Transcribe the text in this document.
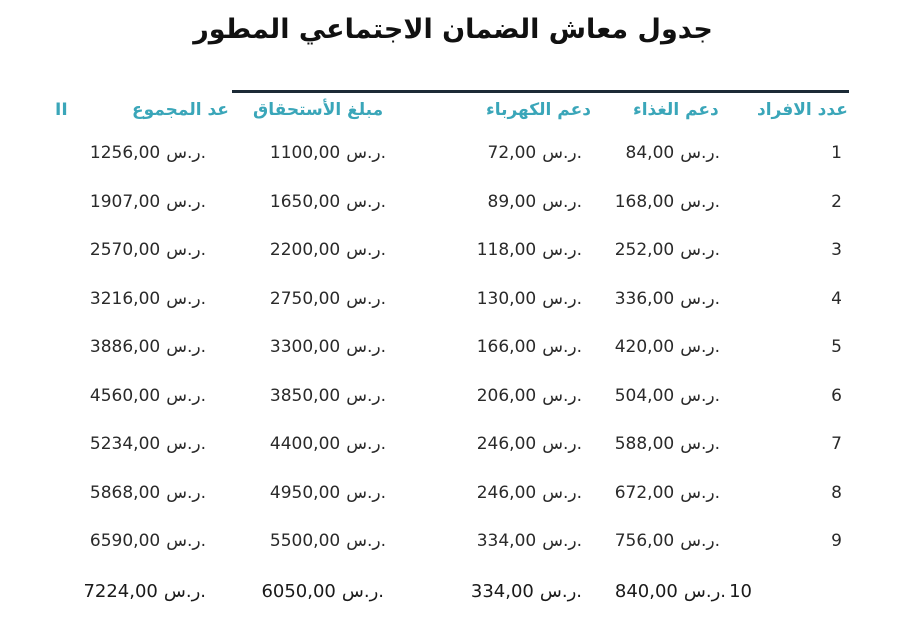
جدول معاش الضمان الاجتماعي المطور
II	عد المجموع مبلغ الأستحقاق	دعم الكهرباء دعم الغذاء عدد الافراد
1
84,00 ر.س.
72,00 ر.س.
1100,00 ر.س.
1256,00 ر.س.
2
168,00 ر.س.
89,00 ر.س.
1650,00 ر.س.
1907,00 ر.س.
3
252,00 ر.س.
118,00 ر.س.
2200,00 ر.س.
2570,00 ر.س.
4
336,00 ر.س.
130,00 ر.س.
2750,00 ر.س.
3216,00 ر.س.
5
420,00 ر.س.
166,00 ر.س.
3300,00 ر.س.
3886,00 ر.س.
6
504,00 ر.س.
206,00 ر.س.
3850,00 ر.س.
4560,00 ر.س.
7
588,00 ر.س.
246,00 ر.س.
4400,00 ر.س.
5234,00 ر.س.
8
672,00 ر.س.
246,00 ر.س.
4950,00 ر.س.
5868,00 ر.س.
9
756,00 ر.س.
334,00 ر.س.
5500,00 ر.س.
6590,00 ر.س.
10
840,00 ر.س.
334,00 ر.س.
6050,00 ر.س.
7224,00 ر.س.
